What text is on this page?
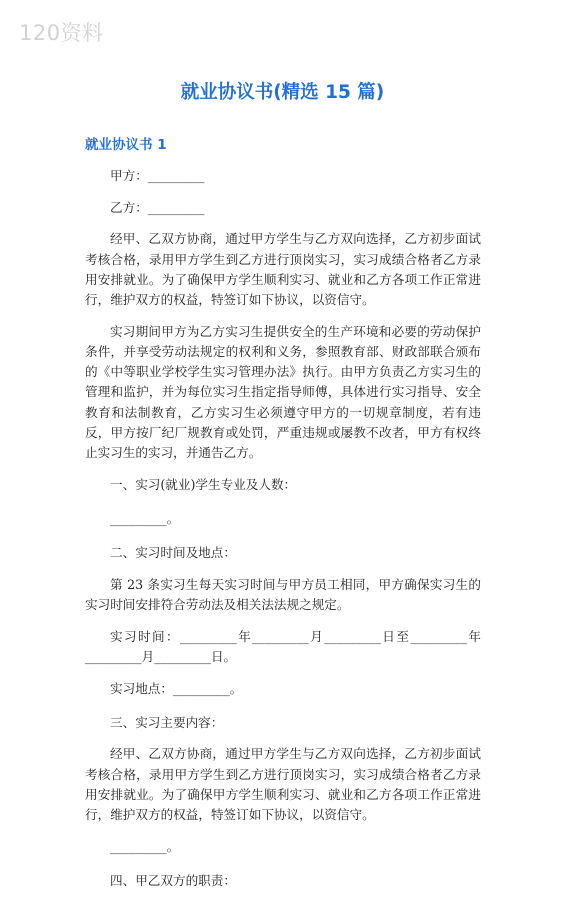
120资料
就业协议书(精选 15 篇)
就业协议书 1

甲方：_________

乙方：_________

经甲、乙双方协商，通过甲方学生与乙方双向选择，乙方初步面试考核合格，录用甲方学生到乙方进行顶岗实习，实习成绩合格者乙方录用安排就业。为了确保甲方学生顺利实习、就业和乙方各项工作正常进行，维护双方的权益，特签订如下协议，以资信守。

实习期间甲方为乙方实习生提供安全的生产环境和必要的劳动保护条件，并享受劳动法规定的权利和义务，参照教育部、财政部联合颁布的《中等职业学校学生实习管理办法》执行。由甲方负责乙方实习生的管理和监护，并为每位实习生指定指导师傅，具体进行实习指导、安全教育和法制教育，乙方实习生必须遵守甲方的一切规章制度，若有违反，甲方按厂纪厂规教育或处罚，严重违规或屡教不改者，甲方有权终止实习生的实习，并通告乙方。

一、实习(就业)学生专业及人数：

_________。

二、实习时间及地点：

第 23 条实习生每天实习时间与甲方员工相同，甲方确保实习生的实习时间安排符合劳动法及相关法法规之规定。

实习时间：_________年_________月_________日至_________年_________月_________日。

实习地点：_________。

三、实习主要内容：

经甲、乙双方协商，通过甲方学生与乙方双向选择，乙方初步面试考核合格，录用甲方学生到乙方进行顶岗实习，实习成绩合格者乙方录用安排就业。为了确保甲方学生顺利实习、就业和乙方各项工作正常进行，维护双方的权益，特签订如下协议，以资信守。

_________。

四、甲乙双方的职责：
